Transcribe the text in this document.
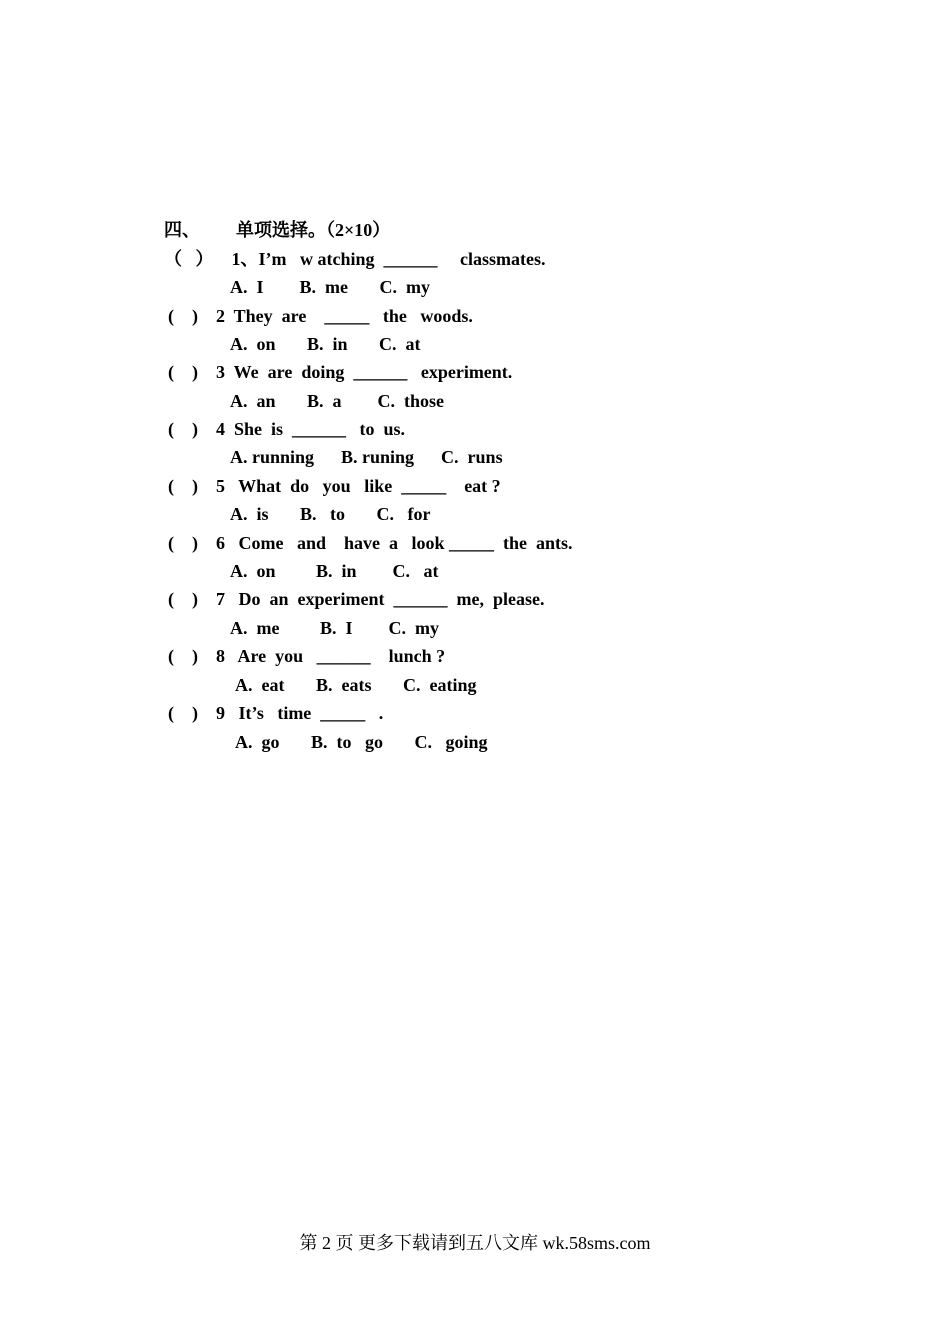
四、        单项选择。（2×10）
（   ）    1、I’m   w atching  ______     classmates.
A.  I        B.  me       C.  my
(    )    2  They  are    _____   the   woods.
A.  on       B.  in       C.  at
(    )    3  We  are  doing  ______   experiment.
A.  an       B.  a        C.  those
(    )    4  She  is  ______   to  us.
A. running      B. runing      C.  runs
(    )    5   What  do   you   like  _____    eat ?
A.  is       B.   to       C.   for
(    )    6   Come   and    have  a   look _____  the  ants.
A.  on         B.  in        C.   at
(    )    7   Do  an  experiment  ______  me,  please.
A.  me         B.  I        C.  my
(    )    8   Are  you   ______    lunch ?
A.  eat       B.  eats       C.  eating
(    )    9   It’s   time  _____   .
A.  go       B.  to   go       C.   going
第 2 页 更多下载请到五八文库 wk.58sms.com
